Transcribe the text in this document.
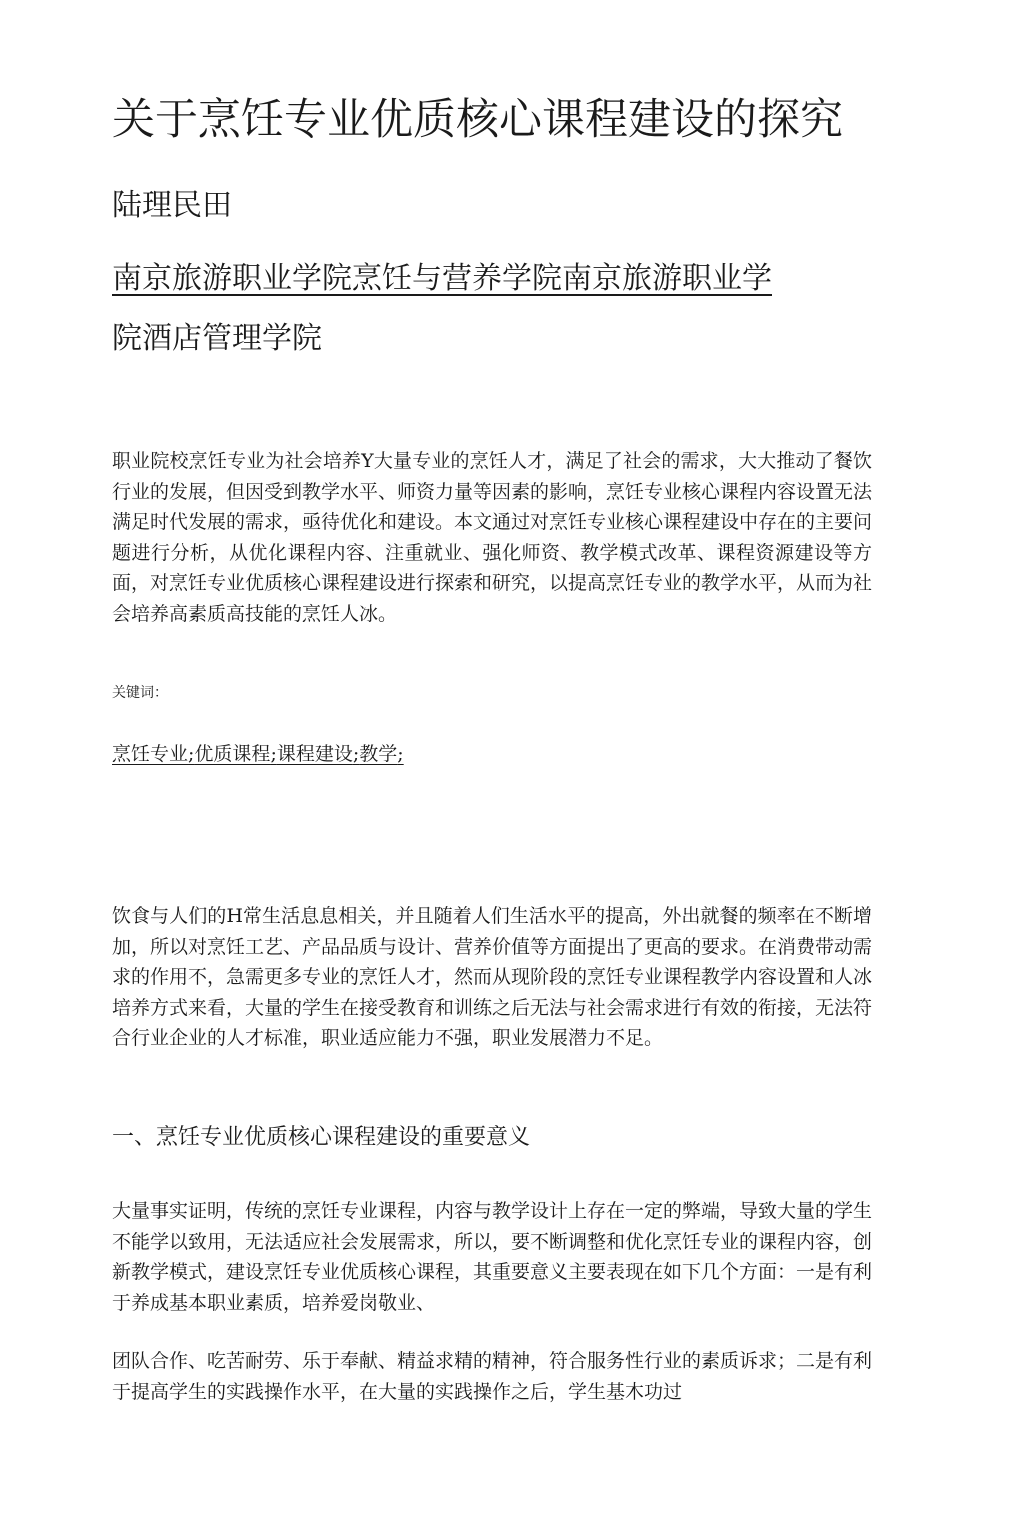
关于烹饪专业优质核心课程建设的探究

陆理民田

南京旅游职业学院烹饪与营养学院南京旅游职业学
院酒店管理学院

职业院校烹饪专业为社会培养Y大量专业的烹饪人才，满足了社会的需求，大大推动了餐饮行业的发展，但因受到教学水平、师资力量等因素的影响，烹饪专业核心课程内容设置无法满足时代发展的需求，亟待优化和建设。本文通过对烹饪专业核心课程建设中存在的主要问题进行分析，从优化课程内容、注重就业、强化师资、教学模式改革、课程资源建设等方面，对烹饪专业优质核心课程建设进行探索和研究，以提高烹饪专业的教学水平，从而为社会培养高素质高技能的烹饪人冰。

关键词：

烹饪专业;优质课程;课程建设;教学;

饮食与人们的H常生活息息相关，并且随着人们生活水平的提高，外出就餐的频率在不断增加，所以对烹饪工艺、产品品质与设计、营养价值等方面提出了更高的要求。在消费带动需求的作用不，急需更多专业的烹饪人才，然而从现阶段的烹饪专业课程教学内容设置和人冰培养方式来看，大量的学生在接受教育和训练之后无法与社会需求进行有效的衔接，无法符合行业企业的人才标准，职业适应能力不强，职业发展潜力不足。

一、烹饪专业优质核心课程建设的重要意义

大量事实证明，传统的烹饪专业课程，内容与教学设计上存在一定的弊端，导致大量的学生不能学以致用，无法适应社会发展需求，所以，要不断调整和优化烹饪专业的课程内容，创新教学模式，建设烹饪专业优质核心课程，其重要意义主要表现在如下几个方面：一是有利于养成基本职业素质，培养爱岗敬业、

团队合作、吃苦耐劳、乐于奉献、精益求精的精神，符合服务性行业的素质诉求；二是有利于提高学生的实践操作水平，在大量的实践操作之后，学生基木功过
